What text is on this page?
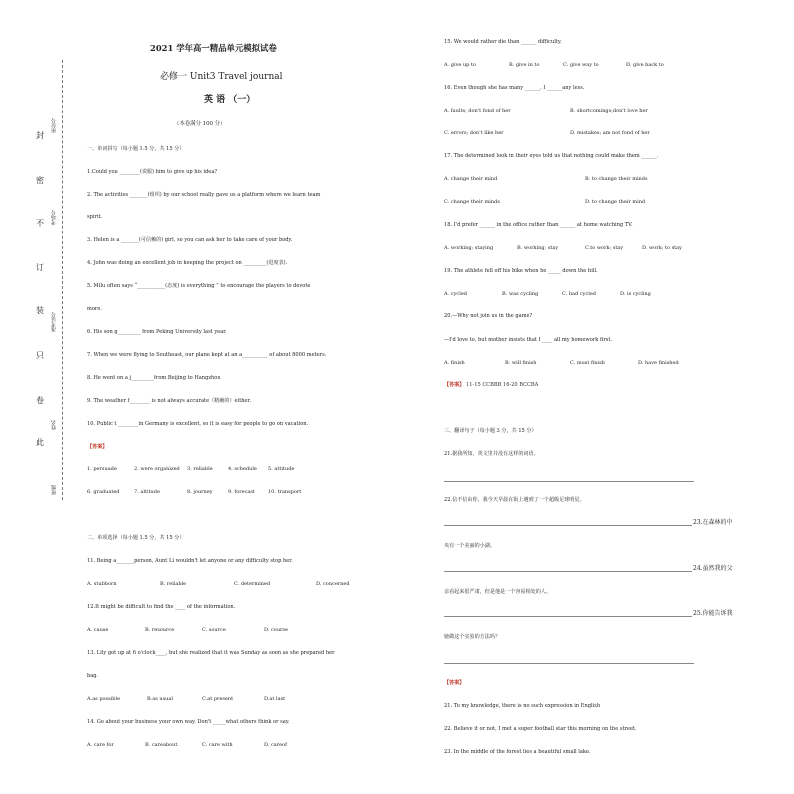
封
密
不
订
装
只
卷
此
座位号
考场号
准考证号
姓名
班级
2021 学年高一精品单元模拟试卷
必修一 Unit3 Travel journal
英 语 （一）
（本卷满分 100 分）
一、单词拼写（每小题 1.5 分，共 15 分）
1.Could you ________(说服) him to give up his idea?
2. The activities _______(组织) by our school really gave us a platform where we learn team
spirit.
3. Helen is a _______(可信赖的) girl, so you can ask her to take care of your body.
4. John was doing an excellent job in keeping the project on _________(进度表).
5. Milu often says “___________(态度) is everything ” to encourage the players to devote
more.
6. His son g_________ from Peking University last year.
7. When we were flying to Southeast, our plane kept at an a__________ of about 8000 meters.
8. He went on a j_________from Beijing to Hangzhou
9. The weather f________ is not always accurate（精确的）either.
10. Public t ________in Germany is excellent, so it is easy for people to go on vacation.
【答案】
1. persuade	2. were organized 3. reliable	4. schedule 5. attitude
6. graduated	7. altitude	8. journey	9. forecast	10. transport
二、单项选择（每小题 1.5 分，共 15 分）
11. Being a_______person, Aunt Li wouldn't let anyone or any difficulty stop her.
A. stubborn	B. reliable	C. determined	D. concerned
12.It might be difficult to find the ____ of the information.
A. cause	B. resource	C. source	D. course
13. Lily got up at 6 o'clock____, but she realized that it was Sunday as soon as she prepared her
bag.
A.as possible	B.as usual	C.at present	D.at last
14. Go about your business your own way. Don't _____what others think or say.
A. care for	B. careabout	C. care with	D. careof
15. We would rather die than ______ difficulty.
A. give up to	B. give in to	C. give way to	D. give back to
16. Even though she has many ______, I ______any less.
A. faults; don't fond of her	B. shortcomings;don't love her
C. errors; don't like her	D. mistakes; am not fond of her
17. The determined look in their eyes told us that nothing could make them ______.
A. change their mind	B. to change their minds
C. change their minds	D. to change their mind
18. I'd prefer ______ in the office rather than ______ at home watching TV.
A. working; staying	B. working; stay	C.to work; stay	D. work; to stay
19. The athlete fell off his bike when he _____ down the hill.
A. cycled	B. was cycling	C. had cycled	D. is cycling
20.—Why not join us in the game?
—I'd love to, but mother insists that I ____ all my homework first.
A. finish	B. will finish	C. must finish	D. have finished
【答案】 11-15 CCBBB 16-20 BCCBA
三、翻译句子（每小题 3 分，共 15 分）
21.据我所知，英文里并没有这样的词语。
22.信不信由你，我今天早晨在街上遇到了一个超级足球明星。
23.在森林的中
央有一个美丽的小湖。
24.虽然我的父
亲看起来很严肃，但是他是一个容易相处的人。
25.你能告诉我
她做这个实验的方法吗？
【答案】
21. To my knowledge, there is no such expression in English
22. Believe it or not, I met a super football star this morning on the street.
23. In the middle of the forest lies a beautiful small lake.
